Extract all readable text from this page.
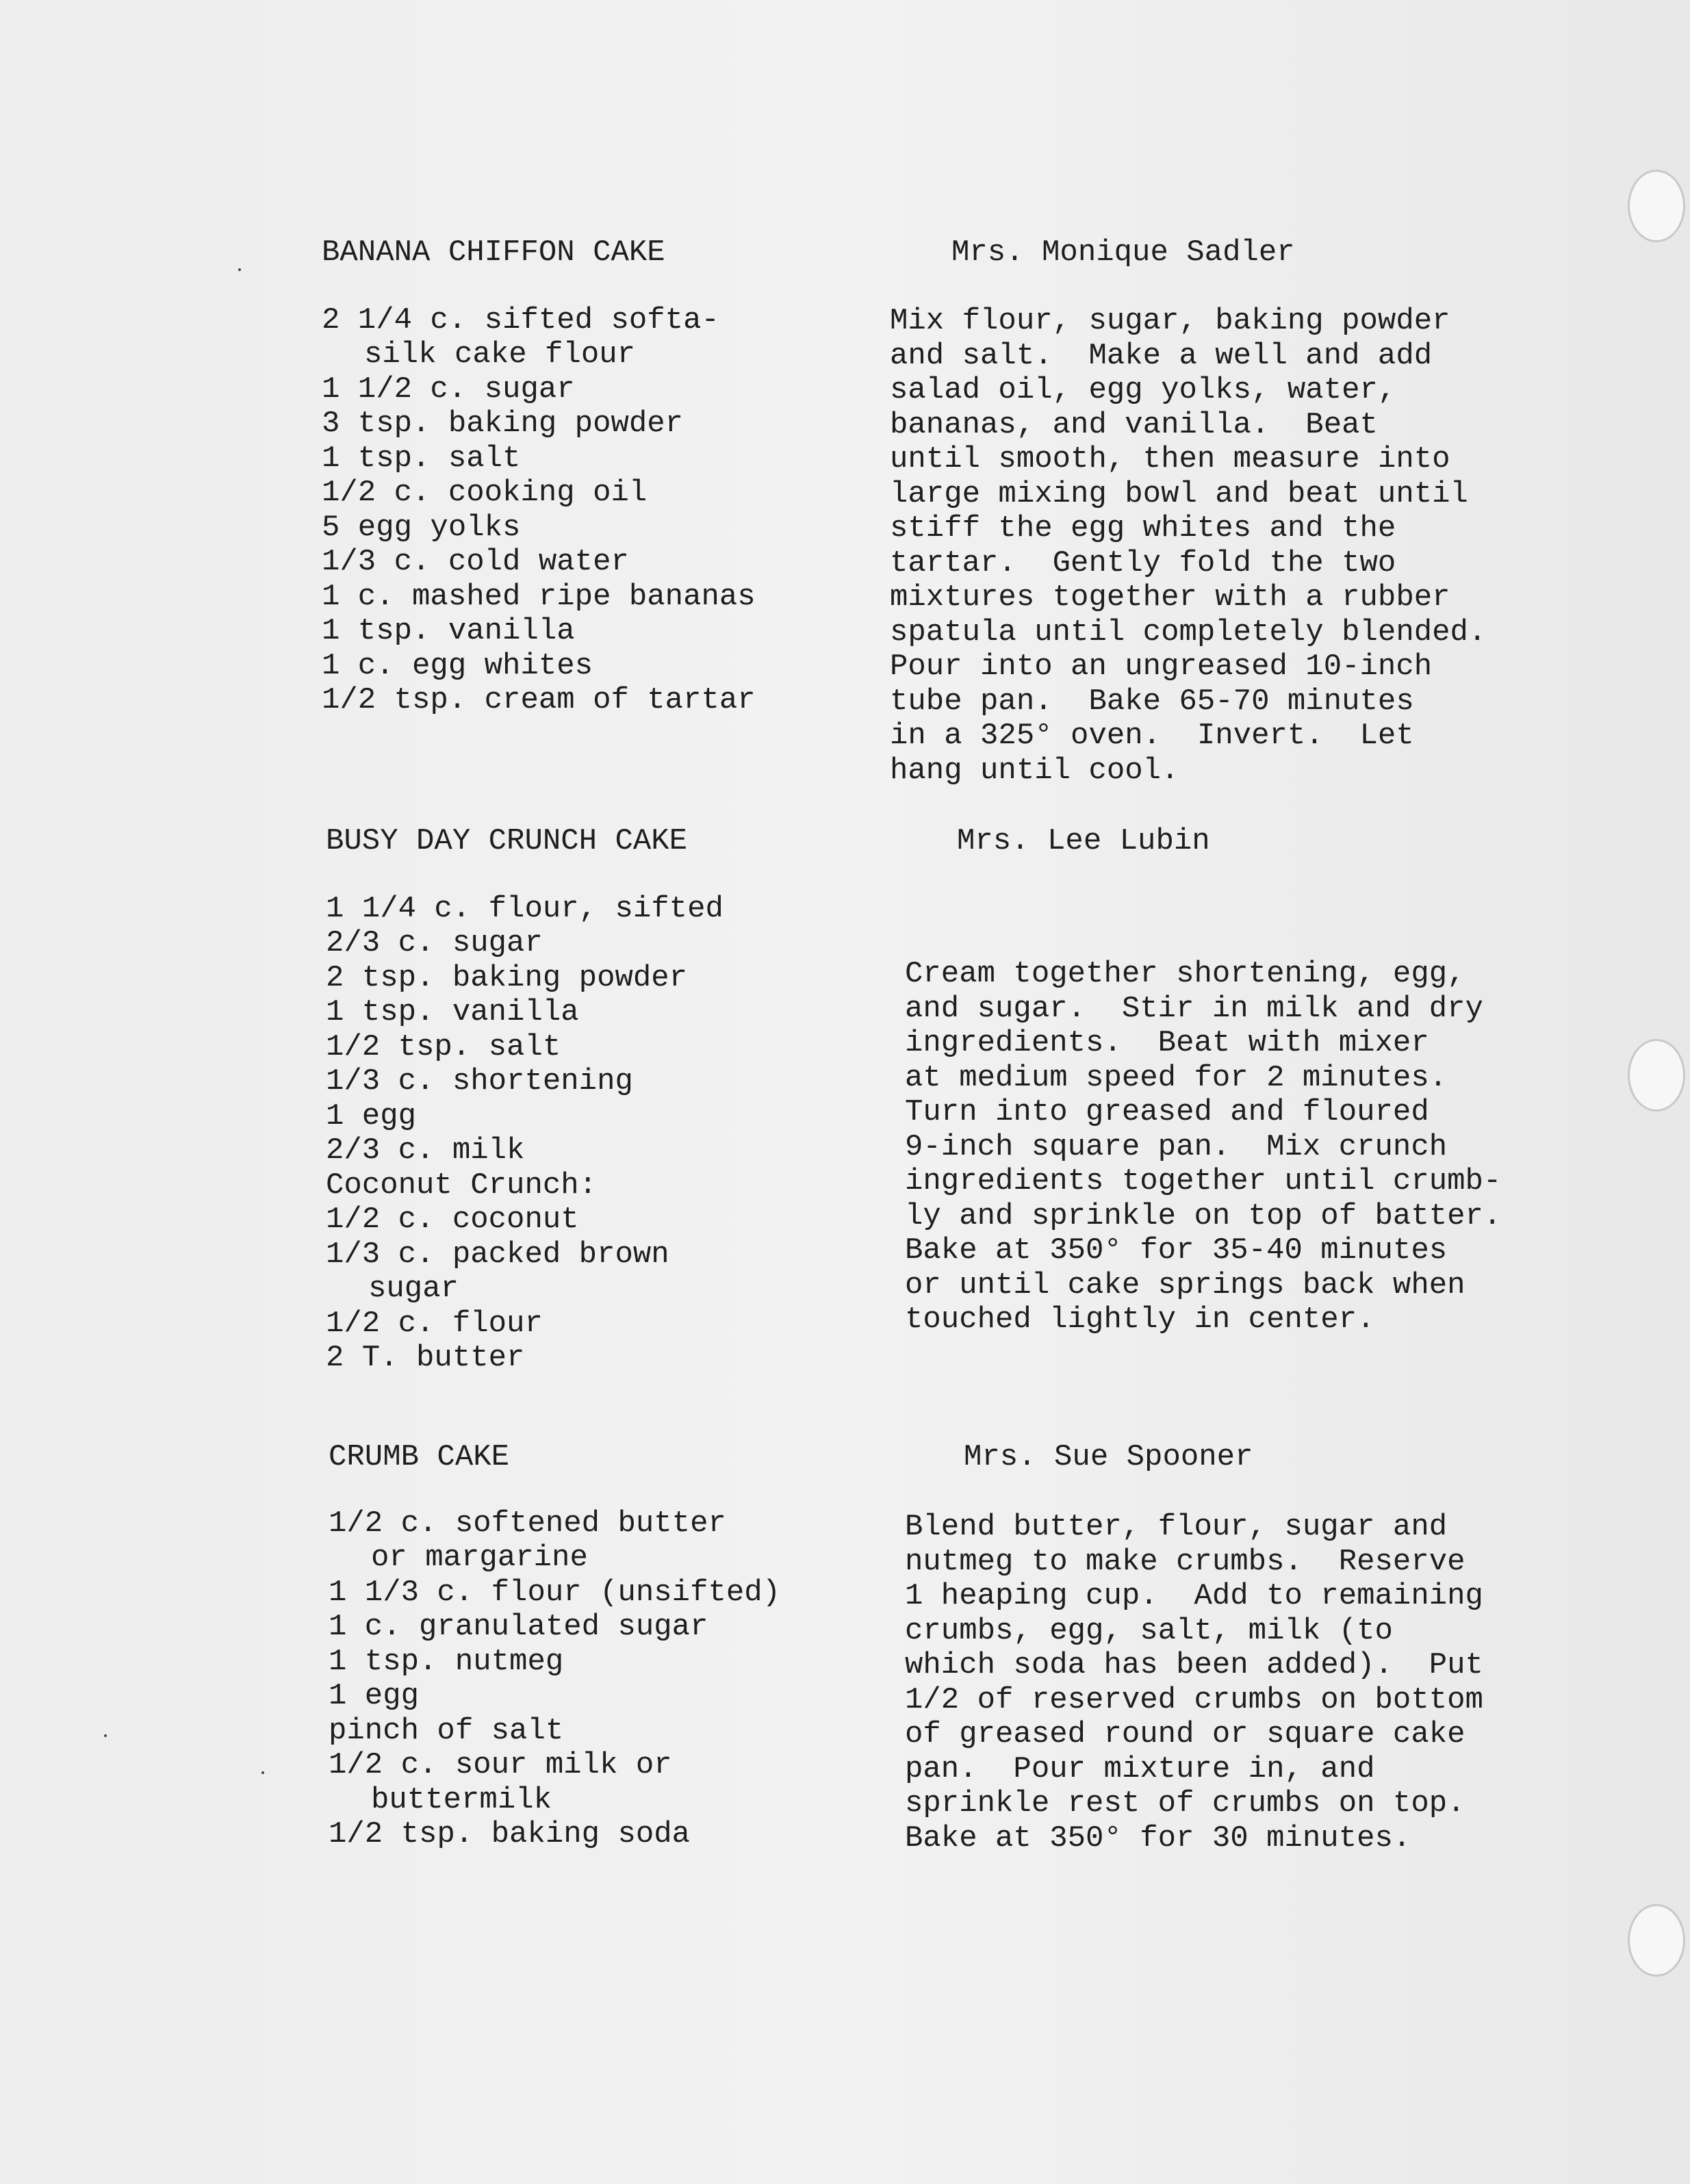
BANANA CHIFFON CAKE

2 1/4 c. sifted softa-
silk cake flour
1 1/2 c. sugar
3 tsp. baking powder
1 tsp. salt
1/2 c. cooking oil
5 egg yolks
1/3 c. cold water
1 c. mashed ripe bananas
1 tsp. vanilla
1 c. egg whites
1/2 tsp. cream of tartar

Mrs. Monique Sadler

Mix flour, sugar, baking powder
and salt.  Make a well and add
salad oil, egg yolks, water,
bananas, and vanilla.  Beat
until smooth, then measure into
large mixing bowl and beat until
stiff the egg whites and the
tartar.  Gently fold the two
mixtures together with a rubber
spatula until completely blended.
Pour into an ungreased 10-inch
tube pan.  Bake 65-70 minutes
in a 325° oven.  Invert.  Let
hang until cool.

BUSY DAY CRUNCH CAKE

1 1/4 c. flour, sifted
2/3 c. sugar
2 tsp. baking powder
1 tsp. vanilla
1/2 tsp. salt
1/3 c. shortening
1 egg
2/3 c. milk
Coconut Crunch:
1/2 c. coconut
1/3 c. packed brown
sugar
1/2 c. flour
2 T. butter

Mrs. Lee Lubin

Cream together shortening, egg,
and sugar.  Stir in milk and dry
ingredients.  Beat with mixer
at medium speed for 2 minutes.
Turn into greased and floured
9-inch square pan.  Mix crunch
ingredients together until crumb-
ly and sprinkle on top of batter.
Bake at 350° for 35-40 minutes
or until cake springs back when
touched lightly in center.

CRUMB CAKE

1/2 c. softened butter
or margarine
1 1/3 c. flour (unsifted)
1 c. granulated sugar
1 tsp. nutmeg
1 egg
pinch of salt
1/2 c. sour milk or
buttermilk
1/2 tsp. baking soda

Mrs. Sue Spooner

Blend butter, flour, sugar and
nutmeg to make crumbs.  Reserve
1 heaping cup.  Add to remaining
crumbs, egg, salt, milk (to
which soda has been added).  Put
1/2 of reserved crumbs on bottom
of greased round or square cake
pan.  Pour mixture in, and
sprinkle rest of crumbs on top.
Bake at 350° for 30 minutes.
